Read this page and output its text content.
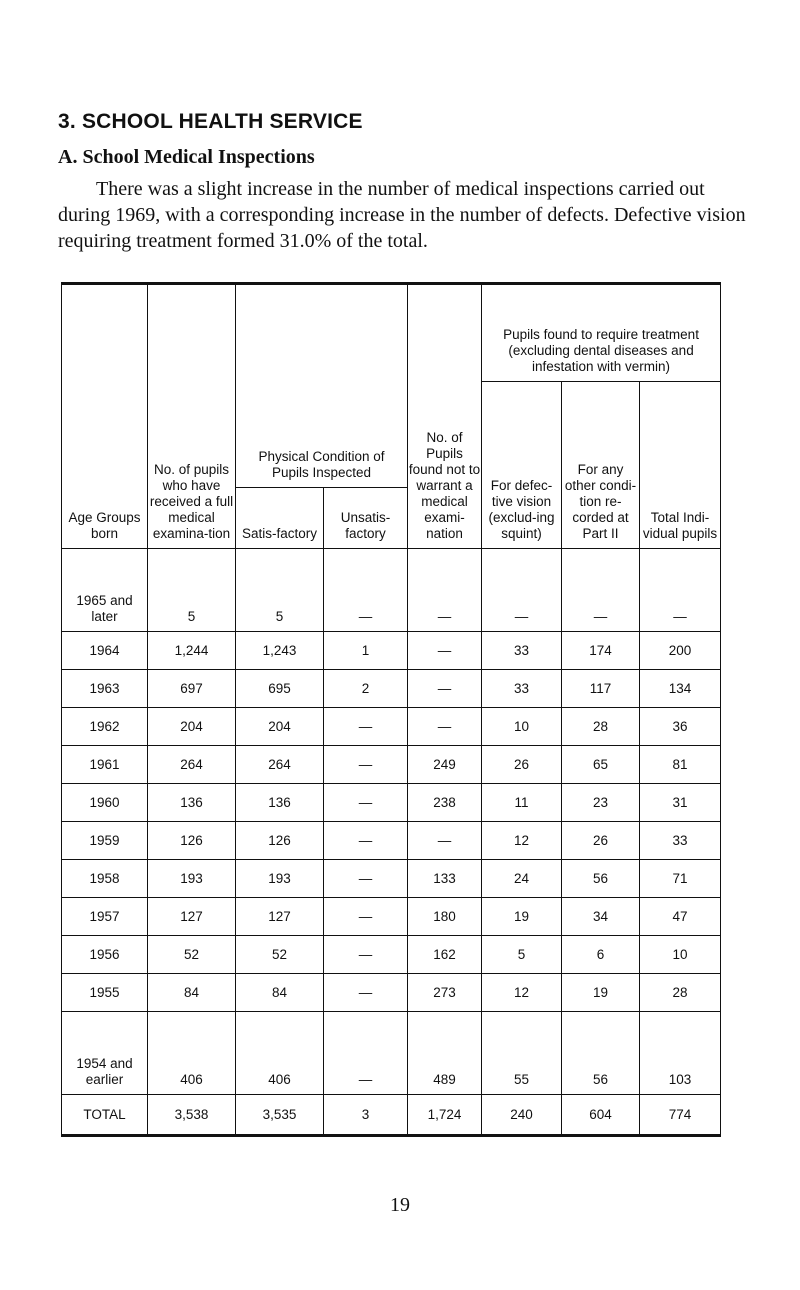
3. SCHOOL HEALTH SERVICE
A. School Medical Inspections

There was a slight increase in the number of medical inspections carried out during 1969, with a corresponding increase in the number of defects. Defective vision requiring treatment formed 31.0% of the total.

Age Groups born	No. of pupils who have received a full medical examina-tion	Physical Condition of Pupils Inspected		No. of Pupils found not to warrant a medical exami-nation	Pupils found to require treatment (excluding dental diseases and infestation with vermin)		
					For defec-tive vision (exclud-ing squint)	For any other condi-tion re-corded at Part II	Total Indi-vidual pupils
		Satis-factory	Unsatis-factory				
1965 and later	5	5	—	—	—	—	—
1964	1,244	1,243	1	—	33	174	200
1963	697	695	2	—	33	117	134
1962	204	204	—	—	10	28	36
1961	264	264	—	249	26	65	81
1960	136	136	—	238	11	23	31
1959	126	126	—	—	12	26	33
1958	193	193	—	133	24	56	71
1957	127	127	—	180	19	34	47
1956	52	52	—	162	5	6	10
1955	84	84	—	273	12	19	28
1954 and earlier	406	406	—	489	55	56	103
TOTAL	3,538	3,535	3	1,724	240	604	774
19
